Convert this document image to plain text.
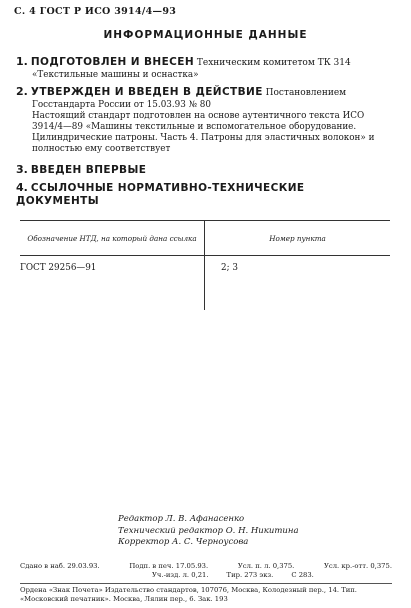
С. 4 ГОСТ Р ИСО 3914/4—93
ИНФОРМАЦИОННЫЕ ДАННЫЕ
1. ПОДГОТОВЛЕН И ВНЕСЕН Техническим комитетом ТК 314
«Текстильные машины и оснастка»
2. УТВЕРЖДЕН И ВВЕДЕН В ДЕЙСТВИЕ Постановлением
Госстандарта России от 15.03.93 № 80
Настоящий стандарт подготовлен на основе аутентичного текста ИСО 3914/4—89 «Машины текстильные и вспомогательное оборудование. Цилиндрические патроны. Часть 4. Патроны для эластичных волокон» и полностью ему соответствует
3. ВВЕДЕН ВПЕРВЫЕ
4. ССЫЛОЧНЫЕ НОРМАТИВНО-ТЕХНИЧЕСКИЕ ДОКУМЕНТЫ
Обозначение НТД, на который дана ссылка	Номер пункта
ГОСТ 29256—91	2; 3
Редактор Л. В. Афанасенко
Технический редактор О. Н. Никитина
Корректор А. С. Черноусова
Сдано в наб. 29.03.93.	Подп. в печ. 17.05.93.	Усл. п. л. 0,375.	Усл. кр.-отт. 0,375.
Уч.-изд. л. 0,21.	Тир. 273 экз.	С 283.
Ордена «Знак Почета» Издательство стандартов, 107076, Москва, Колодезный пер., 14. Тип. «Московский печатник». Москва, Лялин пер., 6. Зак. 193
